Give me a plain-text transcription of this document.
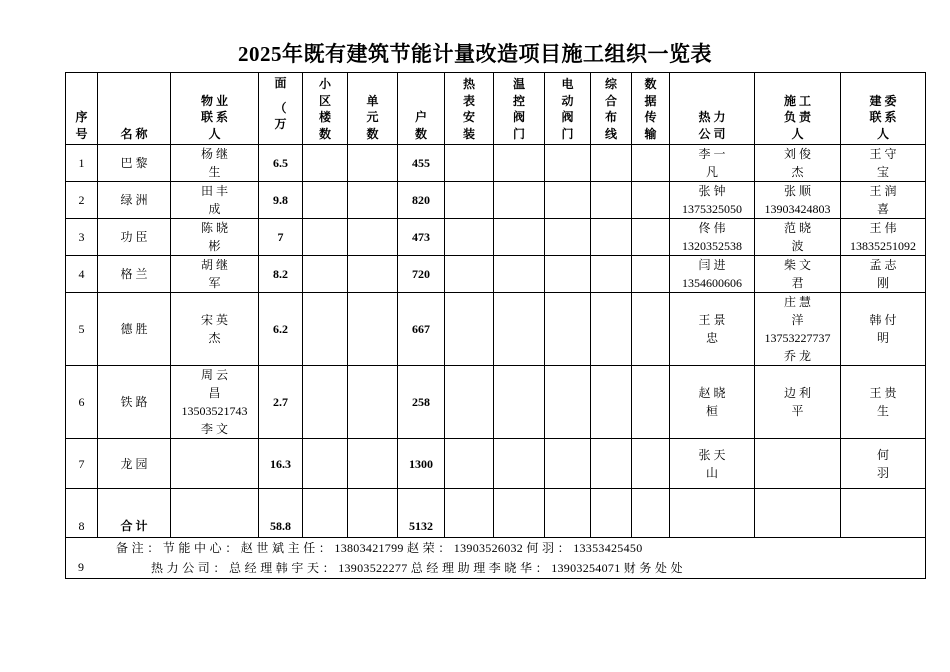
2025年既有建筑节能计量改造项目施工组织一览表
序
号	名 称	物 业
联 系
人	面
（
万	小
区
楼
数	单
元
数	户
数	热
表
安
装	温
控
阀
门	电
动
阀
门	综
合
布
线	数
据
传
输	热 力
公 司	施 工
负 责
人	建 委
联 系
人

1	巴 黎	杨 继
生	6.5			455						李 一
凡	刘 俊
杰	王 守
宝

2	绿 洲	田 丰
成	9.8			820						张 钟
1375325050	张 顺
13903424803	王 润
喜

3	功 臣	陈 晓
彬	7			473						佟 伟
1320352538	范 晓
波	王 伟
13835251092

4	格 兰	胡 继
军	8.2			720						闫 进
1354600606	柴 文
君	孟 志
刚

5	德 胜	宋 英
杰	6.2			667						王 景
忠	庄 慧
洋
13753227737
乔 龙	韩 付
明

6	铁 路	周 云
昌
13503521743
李 文	2.7			258						赵 晓
桓	边 利
平	王 贵
生

7	龙 园		16.3			1300						张 天
山		何
羽

8	合 计		58.8			5132								

9
备 注 ： 节 能 中 心 ： 赵 世 斌 主 任 ： 13803421799 赵 荣 ： 13903526032 何 羽 ： 13353425450
热 力 公 司 ： 总 经 理 韩 宇 天 ： 13903522277 总 经 理 助 理 李 晓 华 ： 13903254071 财 务 处 处														
